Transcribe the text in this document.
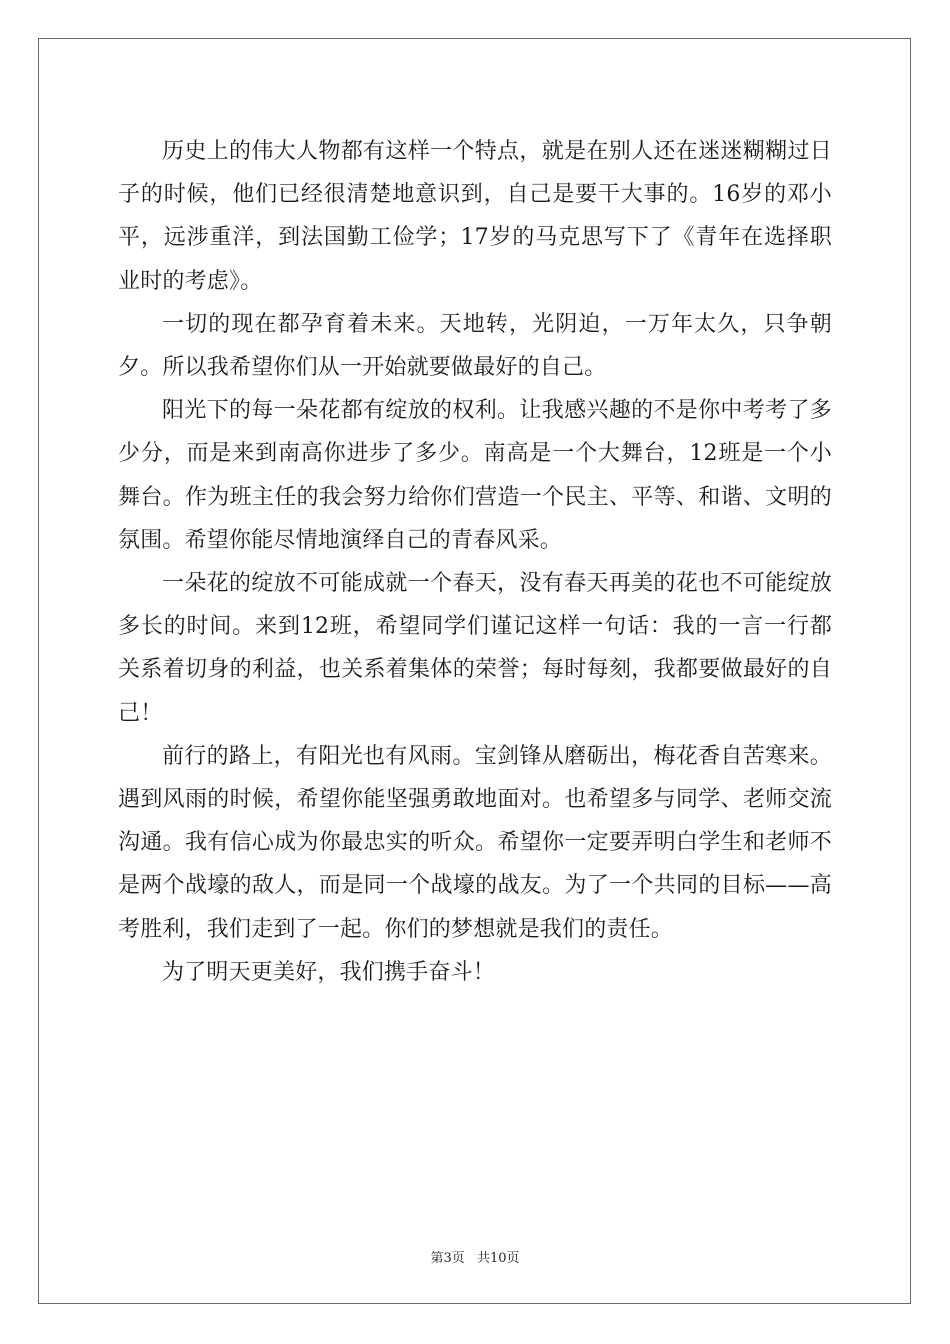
历史上的伟大人物都有这样一个特点，就是在别人还在迷迷糊糊过日子的时候，他们已经很清楚地意识到，自己是要干大事的。16岁的邓小平，远涉重洋，到法国勤工俭学；17岁的马克思写下了《青年在选择职业时的考虑》。

一切的现在都孕育着未来。天地转，光阴迫，一万年太久，只争朝夕。所以我希望你们从一开始就要做最好的自己。

阳光下的每一朵花都有绽放的权利。让我感兴趣的不是你中考考了多少分，而是来到南高你进步了多少。南高是一个大舞台，12班是一个小舞台。作为班主任的我会努力给你们营造一个民主、平等、和谐、文明的氛围。希望你能尽情地演绎自己的青春风采。

一朵花的绽放不可能成就一个春天，没有春天再美的花也不可能绽放多长的时间。来到12班，希望同学们谨记这样一句话：我的一言一行都关系着切身的利益，也关系着集体的荣誉；每时每刻，我都要做最好的自己！

前行的路上，有阳光也有风雨。宝剑锋从磨砺出，梅花香自苦寒来。遇到风雨的时候，希望你能坚强勇敢地面对。也希望多与同学、老师交流沟通。我有信心成为你最忠实的听众。希望你一定要弄明白学生和老师不是两个战壕的敌人，而是同一个战壕的战友。为了一个共同的目标——高考胜利，我们走到了一起。你们的梦想就是我们的责任。

为了明天更美好，我们携手奋斗！

第3页 共10页
